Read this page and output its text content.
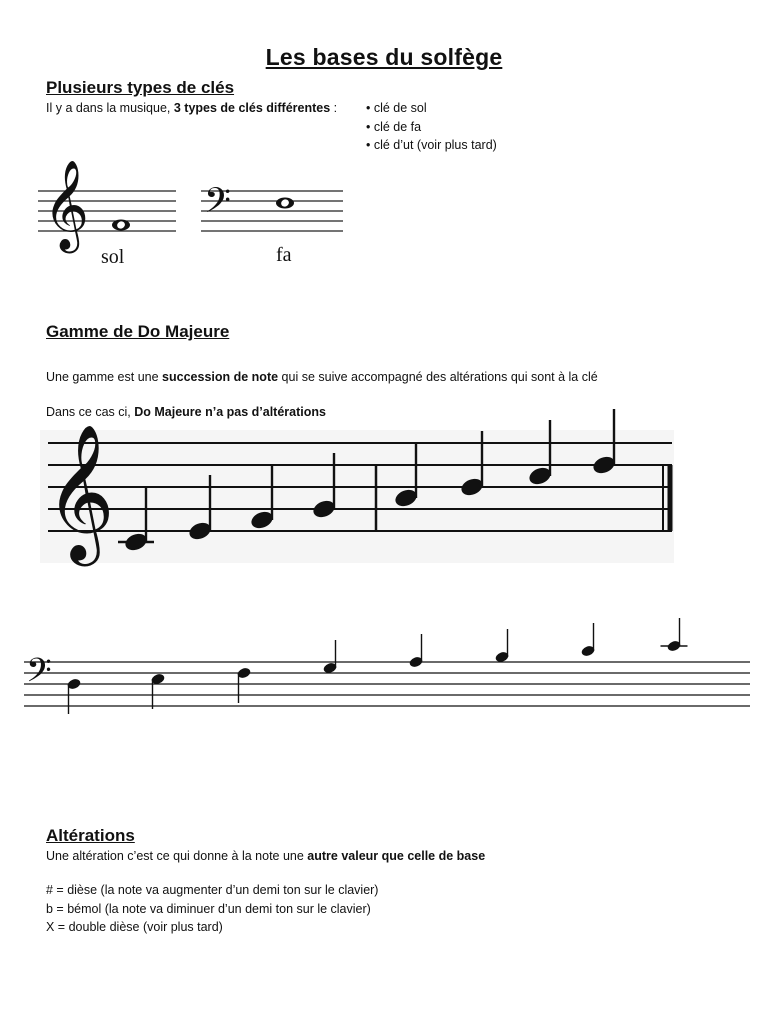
Les bases du solfège
Plusieurs types de clés
Il y a dans la musique, 3 types de clés différentes : • clé de sol
• clé de fa
• clé d’ut (voir plus tard)
𝄞
sol
𝄢
fa
Gamme de Do Majeure
Une gamme est une succession de note qui se suive accompagné des altérations qui sont à la clé
Dans ce cas ci, Do Majeure n’a pas d’altérations
𝄞
𝄢
Altérations
Une altération c’est ce qui donne à la note une autre valeur que celle de base
# = dièse (la note va augmenter d’un demi ton sur le clavier)
b = bémol (la note va diminuer d’un demi ton sur le clavier)
X = double dièse (voir plus tard)
